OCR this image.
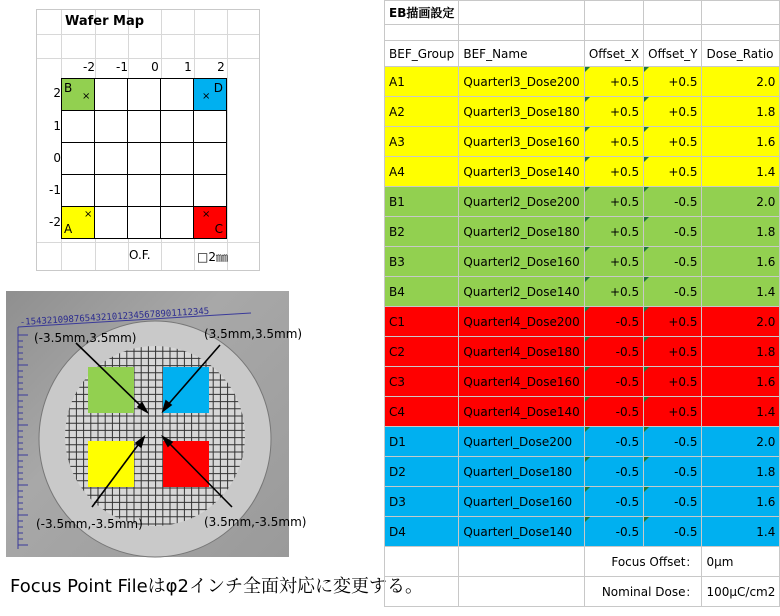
Wafer Map
-2	-1	0	1	2
2
1
0
-1
-2
B
×
D
×
A
×
C
×
O.F.	□2㎜
-1543210987654321012345678901112345
(-3.5mm,3.5mm)	(3.5mm,3.5mm)
(-3.5mm,-3.5mm)	(3.5mm,-3.5mm)
Focus Point Fileはφ2インチ全面対応に変更する。
EB描画設定				

BEF_Group	BEF_Name	Offset_X	Offset_Y	Dose_Ratio
A1	Quarterl3_Dose200	+0.5	+0.5	2.0
A2	Quarterl3_Dose180	+0.5	+0.5	1.8
A3	Quarterl3_Dose160	+0.5	+0.5	1.6
A4	Quarterl3_Dose140	+0.5	+0.5	1.4
B1	Quarterl2_Dose200	+0.5	-0.5	2.0
B2	Quarterl2_Dose180	+0.5	-0.5	1.8
B3	Quarterl2_Dose160	+0.5	-0.5	1.6
B4	Quarterl2_Dose140	+0.5	-0.5	1.4
C1	Quarterl4_Dose200	-0.5	+0.5	2.0
C2	Quarterl4_Dose180	-0.5	+0.5	1.8
C3	Quarterl4_Dose160	-0.5	+0.5	1.6
C4	Quarterl4_Dose140	-0.5	+0.5	1.4
D1	Quarterl_Dose200	-0.5	-0.5	2.0
D2	Quarterl_Dose180	-0.5	-0.5	1.8
D3	Quarterl_Dose160	-0.5	-0.5	1.6
D4	Quarterl_Dose140	-0.5	-0.5	1.4
		Focus Offset：		0μm
		Nominal Dose：		100μC/cm2
